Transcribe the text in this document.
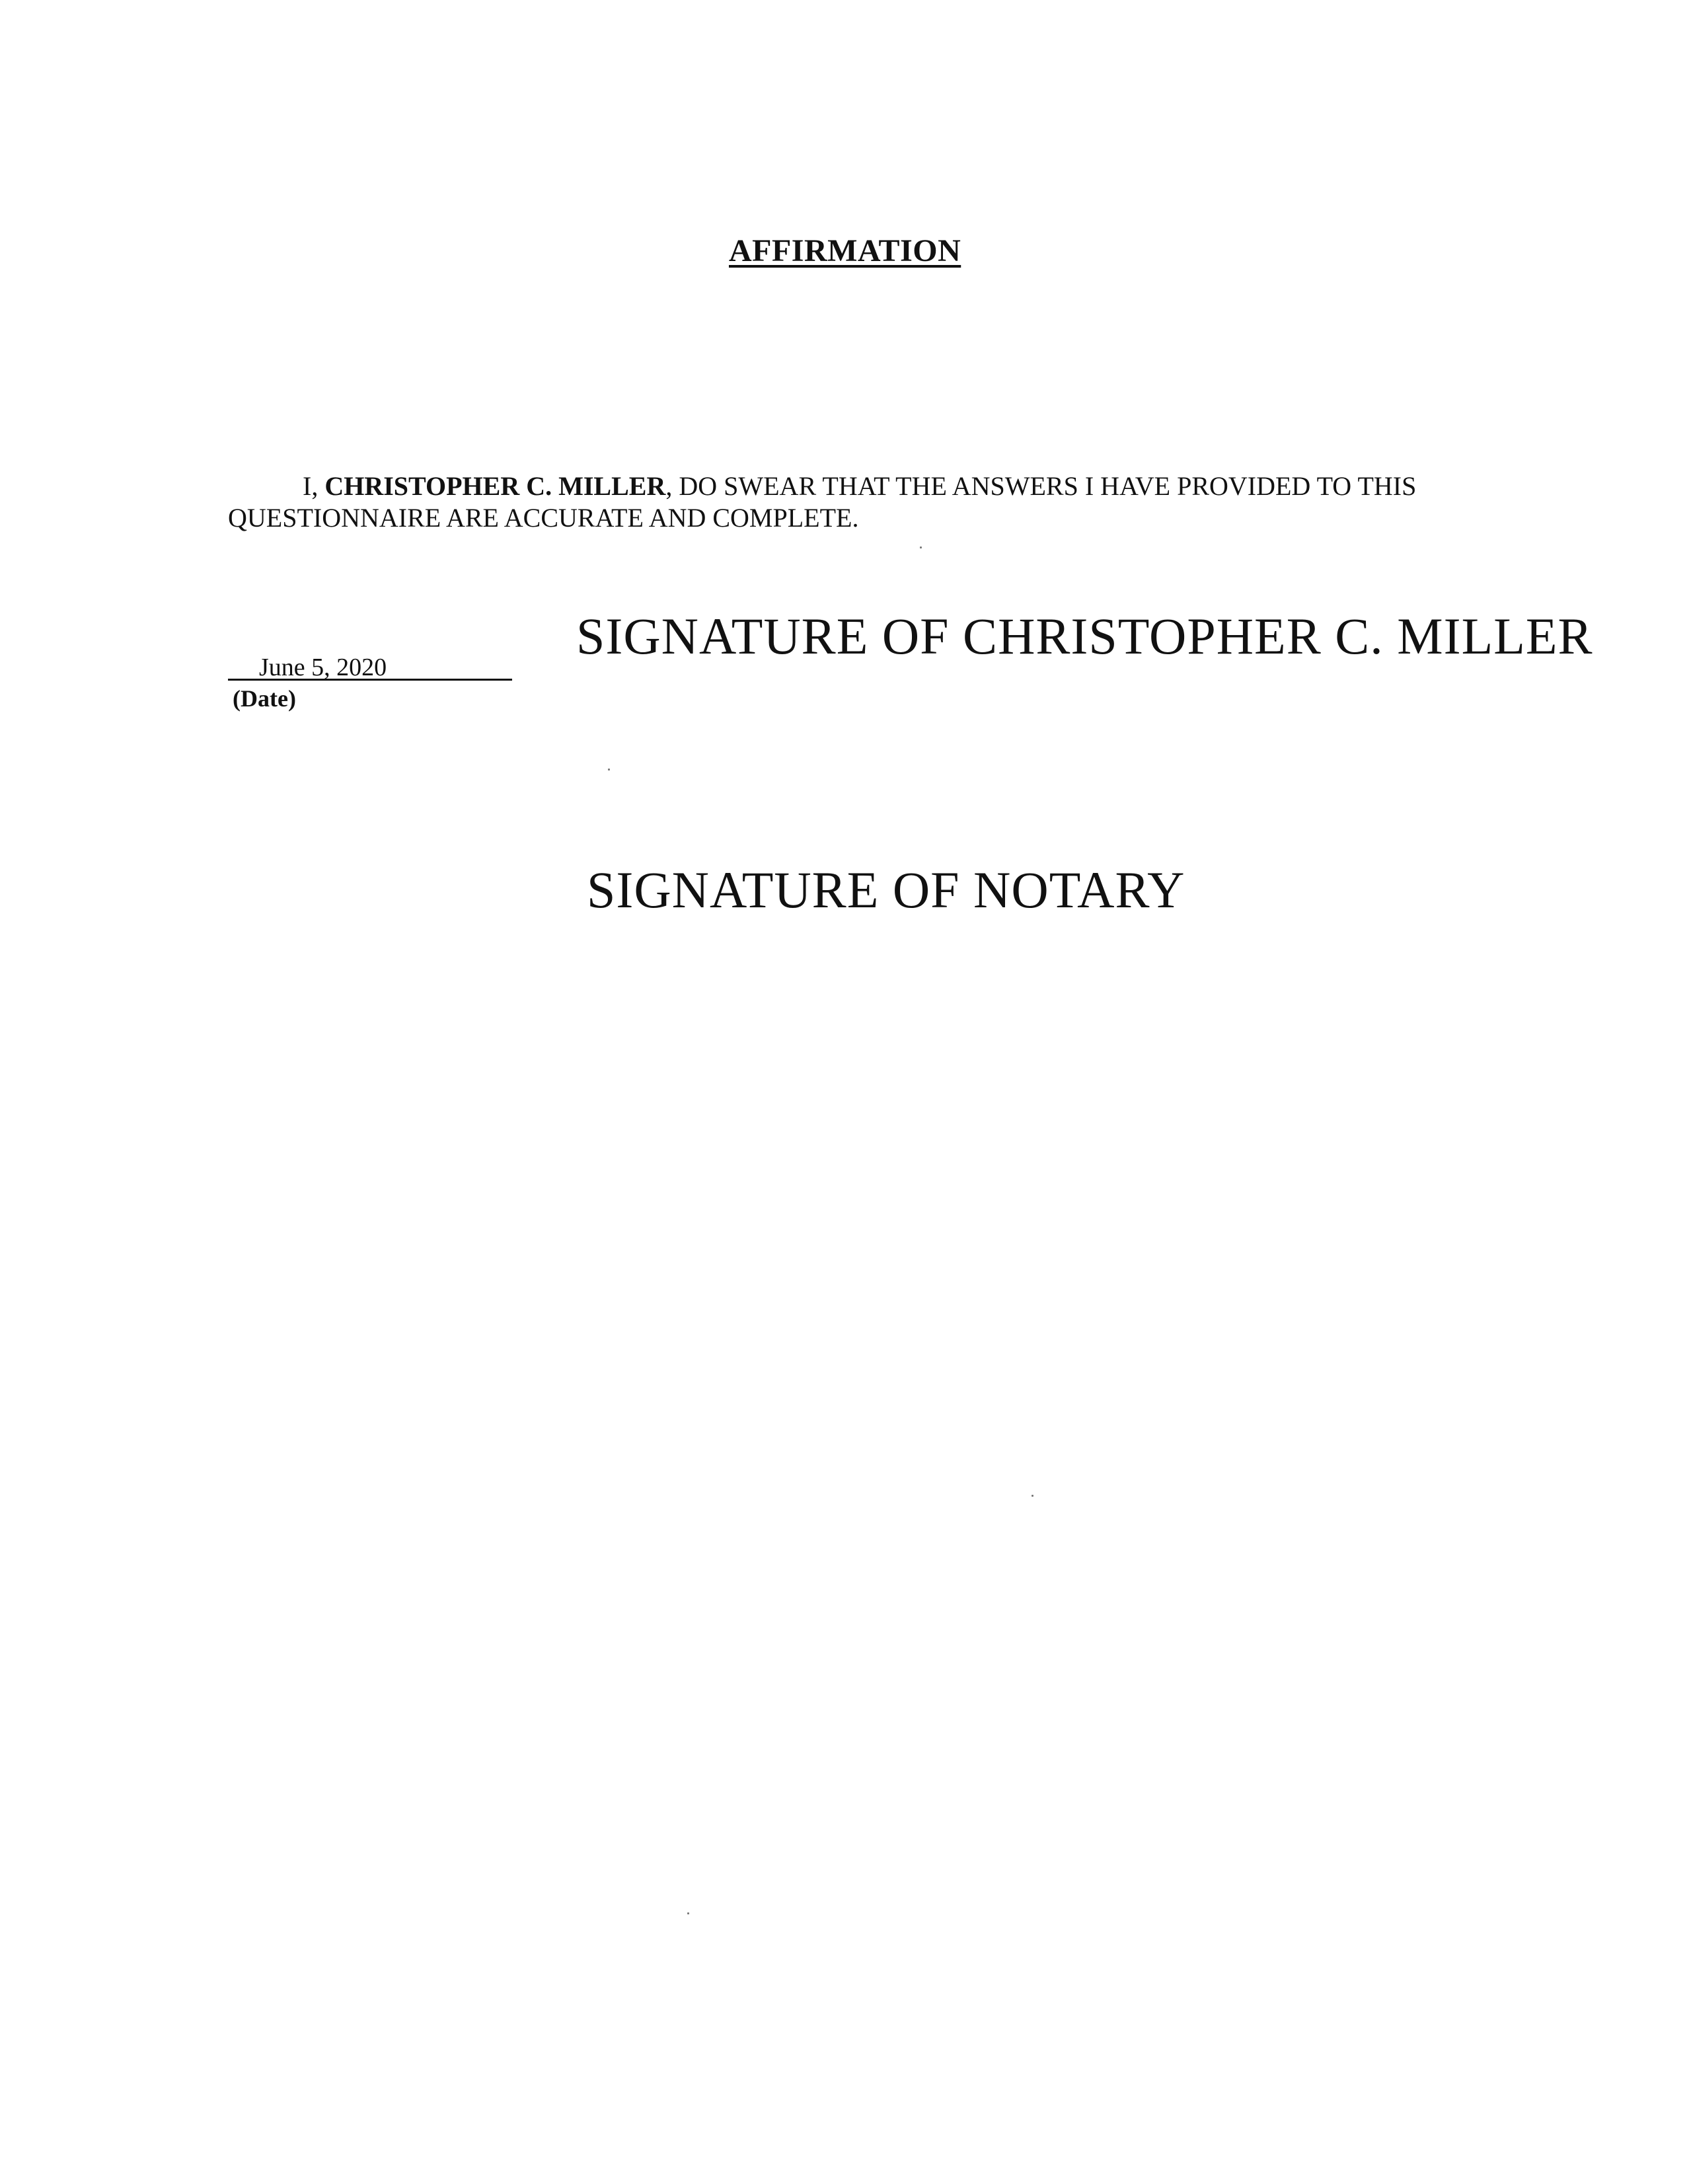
AFFIRMATION
I, CHRISTOPHER C. MILLER, DO SWEAR THAT THE ANSWERS I HAVE PROVIDED TO THIS
QUESTIONNAIRE ARE ACCURATE AND COMPLETE.
June 5, 2020
(Date)
SIGNATURE OF CHRISTOPHER C. MILLER
SIGNATURE OF NOTARY
